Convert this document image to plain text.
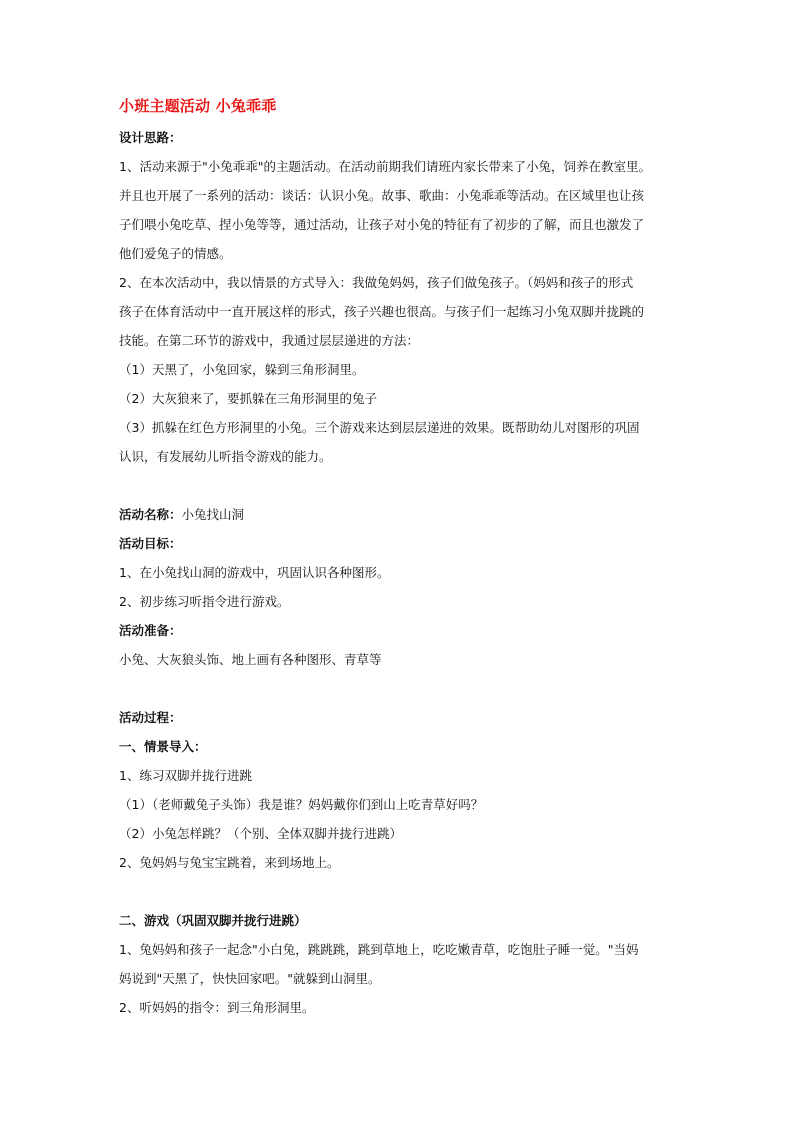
小班主题活动 小兔乖乖
设计思路：
1、活动来源于"小兔乖乖"的主题活动。在活动前期我们请班内家长带来了小兔，饲养在教室里。
并且也开展了一系列的活动：谈话：认识小兔。故事、歌曲：小兔乖乖等活动。在区域里也让孩
子们喂小兔吃草、捏小兔等等，通过活动，让孩子对小兔的特征有了初步的了解，而且也激发了
他们爱兔子的情感。
2、在本次活动中，我以情景的方式导入：我做兔妈妈，孩子们做兔孩子。（妈妈和孩子的形式
孩子在体育活动中一直开展这样的形式，孩子兴趣也很高。与孩子们一起练习小兔双脚并拢跳的
技能。在第二环节的游戏中，我通过层层递进的方法：
（1）天黑了，小兔回家，躲到三角形洞里。
（2）大灰狼来了，要抓躲在三角形洞里的兔子
（3）抓躲在红色方形洞里的小兔。三个游戏来达到层层递进的效果。既帮助幼儿对图形的巩固
认识，有发展幼儿听指令游戏的能力。
活动名称：小兔找山洞
活动目标：
1、在小兔找山洞的游戏中，巩固认识各种图形。
2、初步练习听指令进行游戏。
活动准备：
小兔、大灰狼头饰、地上画有各种图形、青草等
活动过程：
一、情景导入：
1、练习双脚并拢行进跳
（1）（老师戴兔子头饰）我是谁？妈妈戴你们到山上吃青草好吗？
（2）小兔怎样跳？（个别、全体双脚并拢行进跳）
2、兔妈妈与兔宝宝跳着，来到场地上。
二、游戏（巩固双脚并拢行进跳）
1、兔妈妈和孩子一起念"小白兔，跳跳跳，跳到草地上，吃吃嫩青草，吃饱肚子睡一觉。"当妈
妈说到"天黑了，快快回家吧。"就躲到山洞里。
2、听妈妈的指令：到三角形洞里。
